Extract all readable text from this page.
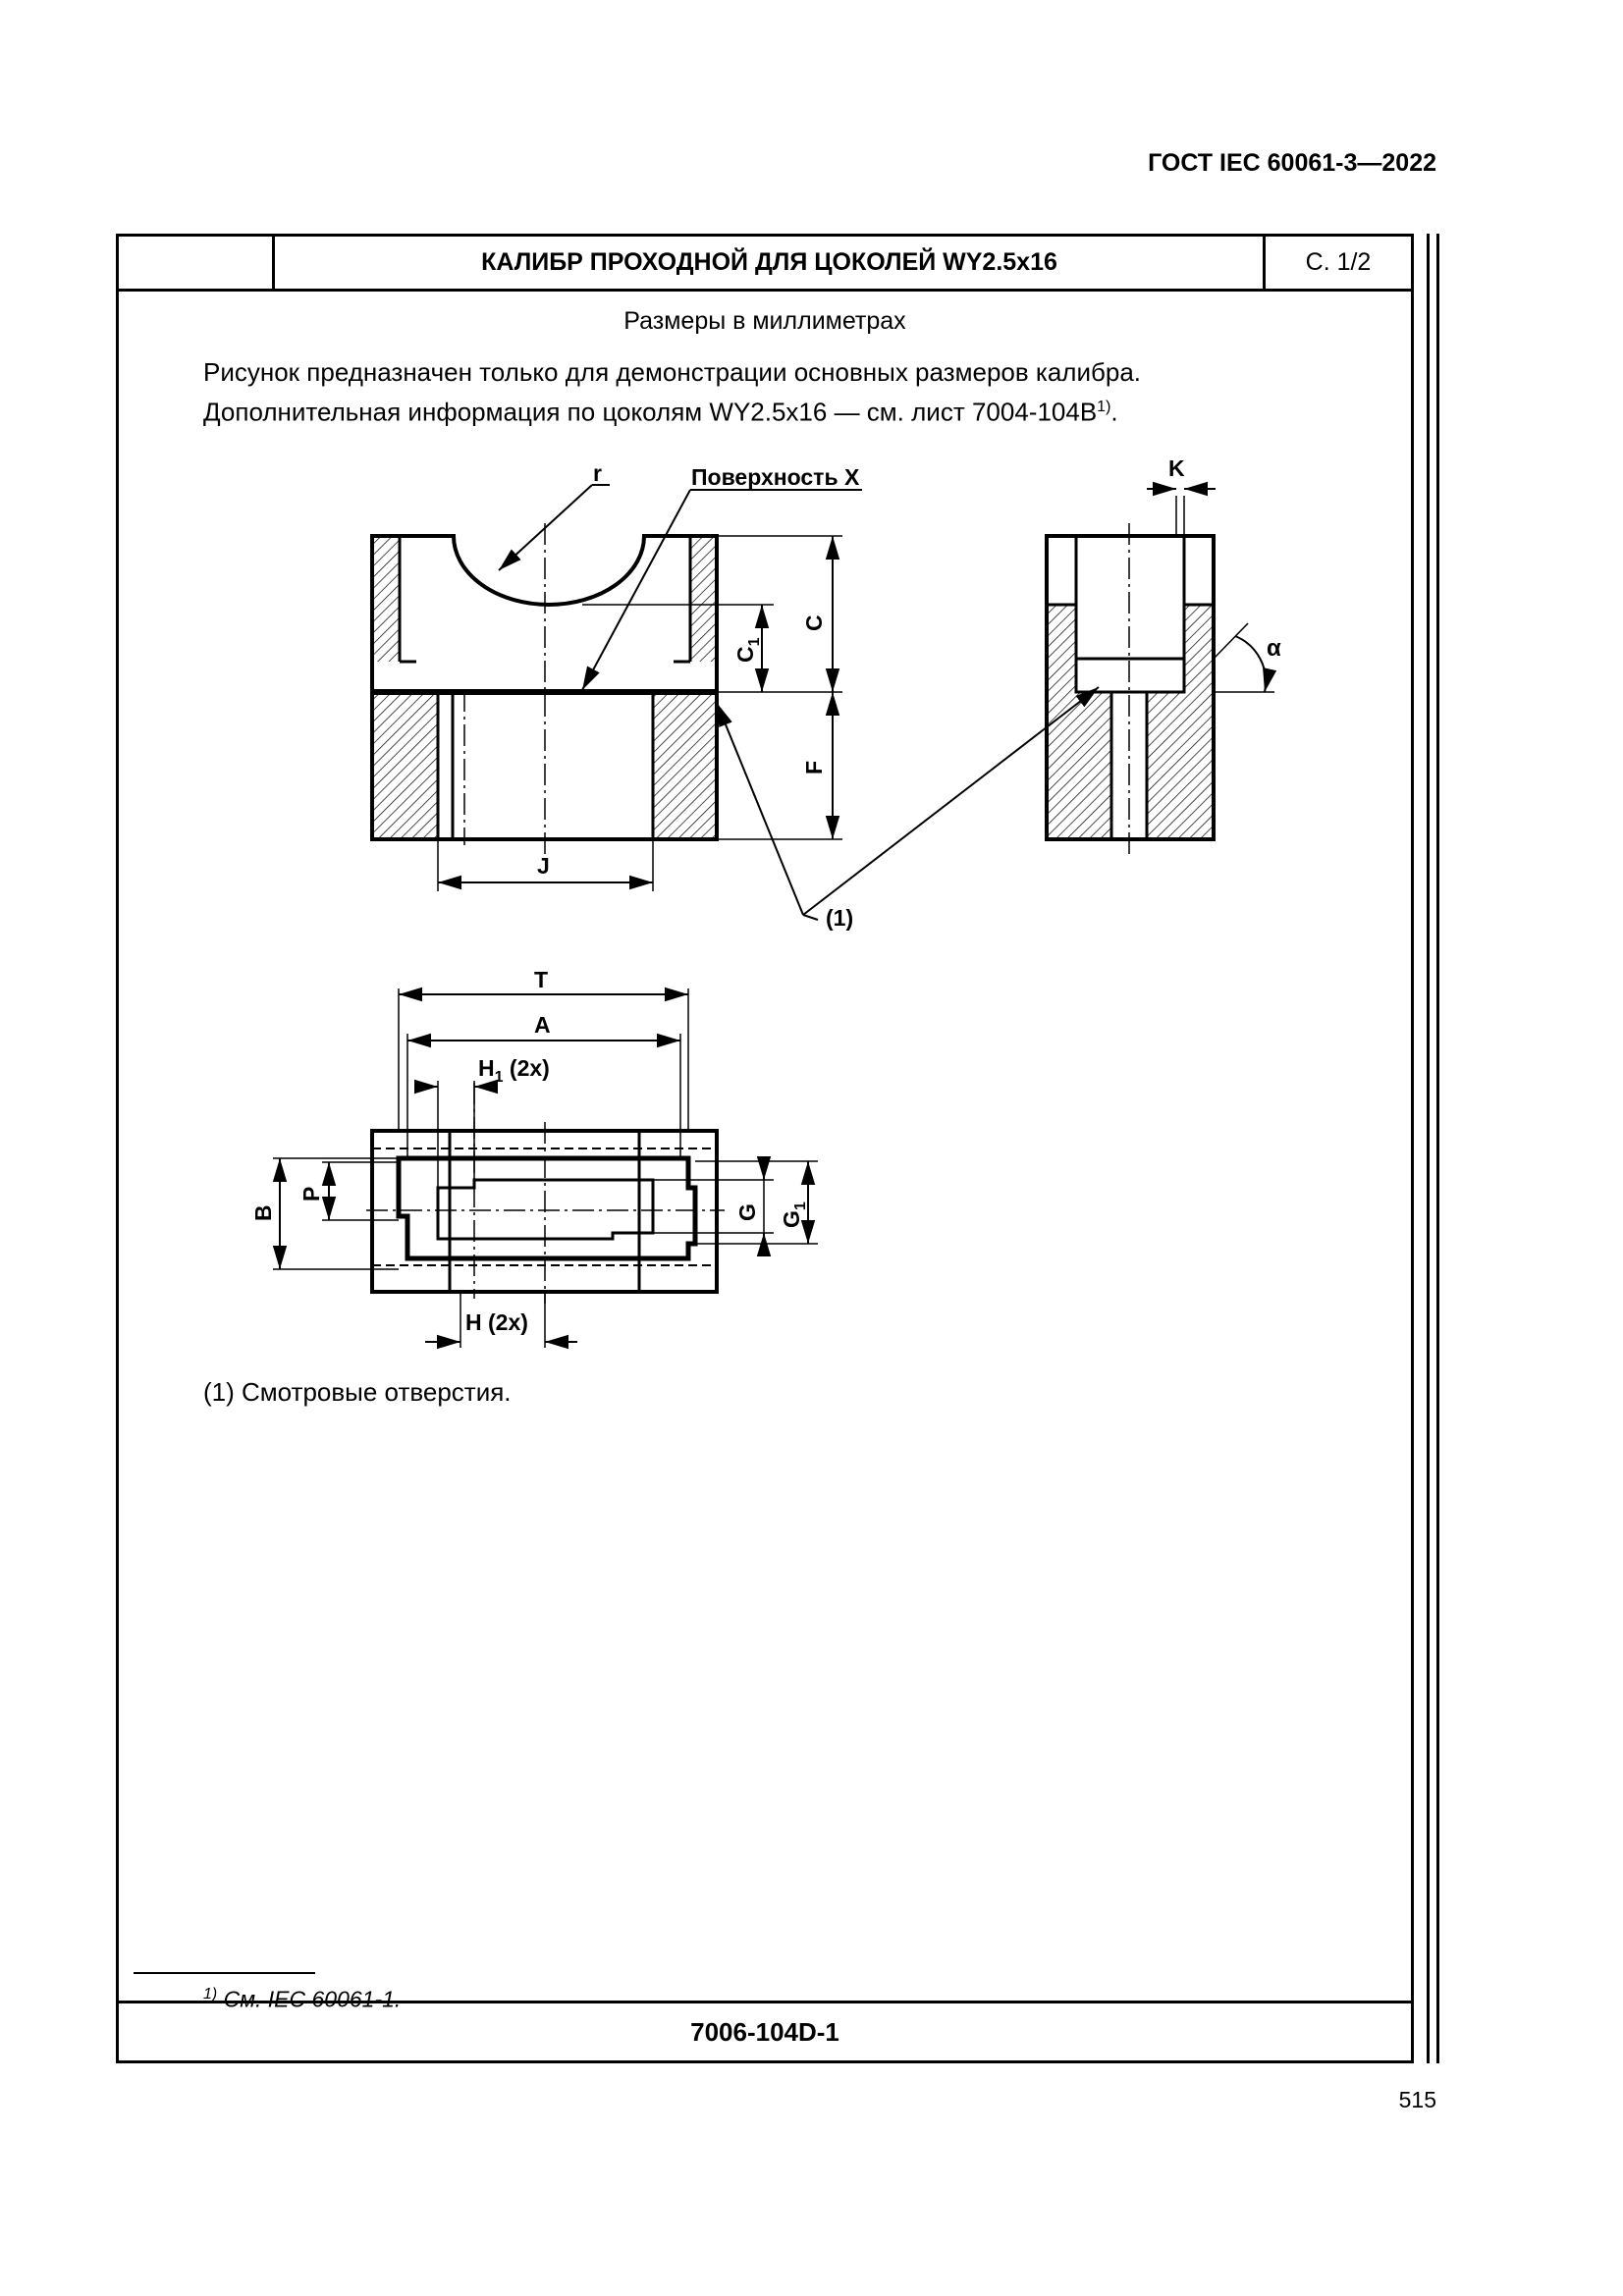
ГОСТ IEC 60061-3—2022
КАЛИБР ПРОХОДНОЙ ДЛЯ ЦОКОЛЕЙ WY2.5x16	С. 1/2
Размеры в миллиметрах
Рисунок предназначен только для демонстрации основных размеров калибра.
Дополнительная информация по цоколям WY2.5x16 — см. лист $7004-104В^{1)}$.
r	Поверхность X
$C_1$
C
F
J
K
α
(1)
T
A
$H_1$ (2x)
H (2x)
B
P
G $G_1$
(1) Смотровые отверстия.
$^{1)}$ См. IEC 60061-1.
7006-104D-1
515
